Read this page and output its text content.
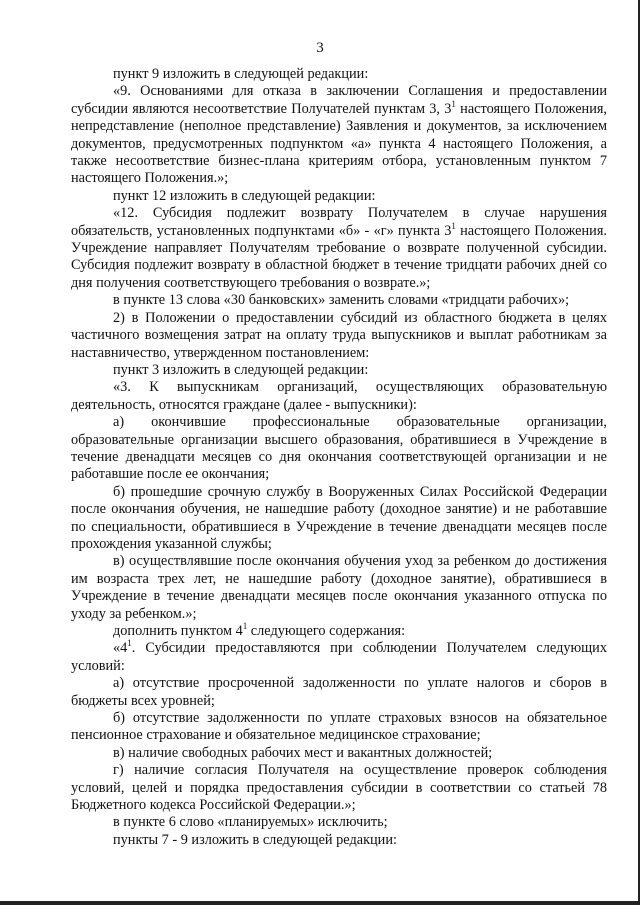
3

пункт 9 изложить в следующей редакции:

«9. Основаниями для отказа в заключении Соглашения и предоставлении субсидии являются несоответствие Получателей пунктам 3, $3^1$ настоящего Положения, непредставление (неполное представление) Заявления и документов, за исключением документов, предусмотренных подпунктом «а» пункта 4 настоящего Положения, а также несоответствие бизнес-плана критериям отбора, установленным пунктом 7 настоящего Положения.»;

пункт 12 изложить в следующей редакции:

«12. Субсидия подлежит возврату Получателем в случае нарушения обязательств, установленных подпунктами «б» - «г» пункта $3^1$ настоящего Положения. Учреждение направляет Получателям требование о возврате полученной субсидии. Субсидия подлежит возврату в областной бюджет в течение тридцати рабочих дней со дня получения соответствующего требования о возврате.»;

в пункте 13 слова «30 банковских» заменить словами «тридцати рабочих»;

2) в Положении о предоставлении субсидий из областного бюджета в целях частичного возмещения затрат на оплату труда выпускников и выплат работникам за наставничество, утвержденном постановлением:

пункт 3 изложить в следующей редакции:

«3. К выпускникам организаций, осуществляющих образовательную деятельность, относятся граждане (далее - выпускники):

а) окончившие профессиональные образовательные организации, образовательные организации высшего образования, обратившиеся в Учреждение в течение двенадцати месяцев со дня окончания соответствующей организации и не работавшие после ее окончания;

б) прошедшие срочную службу в Вооруженных Силах Российской Федерации после окончания обучения, не нашедшие работу (доходное занятие) и не работавшие по специальности, обратившиеся в Учреждение в течение двенадцати месяцев после прохождения указанной службы;

в) осуществлявшие после окончания обучения уход за ребенком до достижения им возраста трех лет, не нашедшие работу (доходное занятие), обратившиеся в Учреждение в течение двенадцати месяцев после окончания указанного отпуска по уходу за ребенком.»;

дополнить пунктом $4^1$ следующего содержания:

«$4^1$. Субсидии предоставляются при соблюдении Получателем следующих условий:

а) отсутствие просроченной задолженности по уплате налогов и сборов в бюджеты всех уровней;

б) отсутствие задолженности по уплате страховых взносов на обязательное пенсионное страхование и обязательное медицинское страхование;

в) наличие свободных рабочих мест и вакантных должностей;

г) наличие согласия Получателя на осуществление проверок соблюдения условий, целей и порядка предоставления субсидии в соответствии со статьей 78 Бюджетного кодекса Российской Федерации.»;

в пункте 6 слово «планируемых» исключить;

пункты 7 - 9 изложить в следующей редакции:
